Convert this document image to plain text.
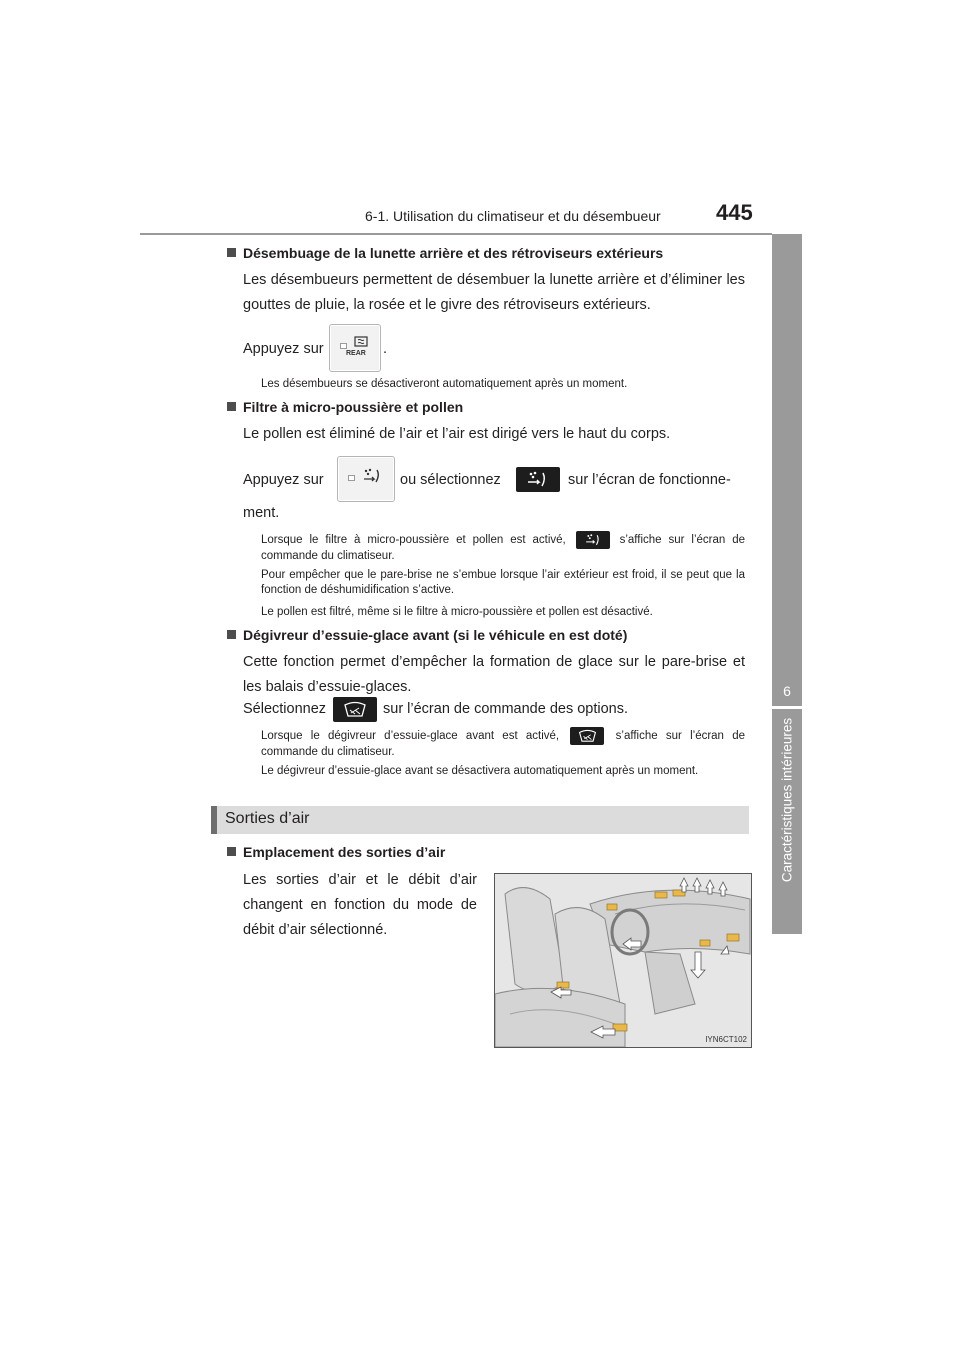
6-1. Utilisation du climatiseur et du désembueur	445
6
Caractéristiques intérieures
Désembuage de la lunette arrière et des rétroviseurs extérieurs
Les désembueurs permettent de désembuer la lunette arrière et d’éliminer les gouttes de pluie, la rosée et le givre des rétroviseurs extérieurs.
Appuyez sur	REAR .
Les désembueurs se désactiveront automatiquement après un moment.
Filtre à micro-poussière et pollen
Le pollen est éliminé de l’air et l’air est dirigé vers le haut du corps.
Appuyez sur	ou sélectionnez	sur l’écran de fonctionne-
ment.
Lorsque le filtre à micro-poussière et pollen est activé,	s’affiche sur l’écran de commande du climatiseur.
Pour empêcher que le pare-brise ne s’embue lorsque l’air extérieur est froid, il se peut que la fonction de déshumidification s’active.
Le pollen est filtré, même si le filtre à micro-poussière et pollen est désactivé.
Dégivreur d’essuie-glace avant (si le véhicule en est doté)
Cette fonction permet d’empêcher la formation de glace sur le pare-brise et les balais d’essuie-glaces.
Sélectionnez	sur l’écran de commande des options.
Lorsque le dégivreur d’essuie-glace avant est activé,	s’affiche sur l’écran de commande du climatiseur.
Le dégivreur d’essuie-glace avant se désactivera automatiquement après un moment.
Sorties d’air
Emplacement des sorties d’air
Les sorties d’air et le débit d’air changent en fonction du mode de débit d’air sélectionné.
IYN6CT102
